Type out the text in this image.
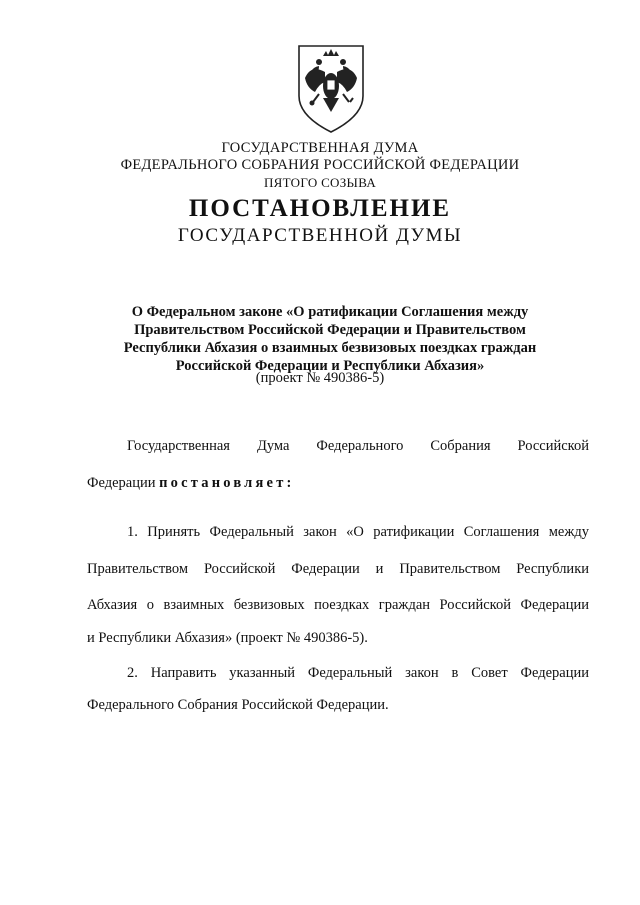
ГОСУДАРСТВЕННАЯ ДУМА
ФЕДЕРАЛЬНОГО СОБРАНИЯ РОССИЙСКОЙ ФЕДЕРАЦИИ
ПЯТОГО СОЗЫВА
ПОСТАНОВЛЕНИЕ
ГОСУДАРСТВЕННОЙ ДУМЫ
О Федеральном законе «О ратификации Соглашения между
Правительством Российской Федерации и Правительством
Республики Абхазия о взаимных безвизовых поездках граждан
Российской Федерации и Республики Абхазия»
(проект № 490386-5)
Государственная Дума Федерального Собрания Российской
Федерации постановляет:
1. Принять Федеральный закон «О ратификации Соглашения между
Правительством Российской Федерации и Правительством Республики
Абхазия о взаимных безвизовых поездках граждан Российской Федерации
и Республики Абхазия» (проект № 490386-5).
2. Направить указанный Федеральный закон в Совет Федерации
Федерального Собрания Российской Федерации.
